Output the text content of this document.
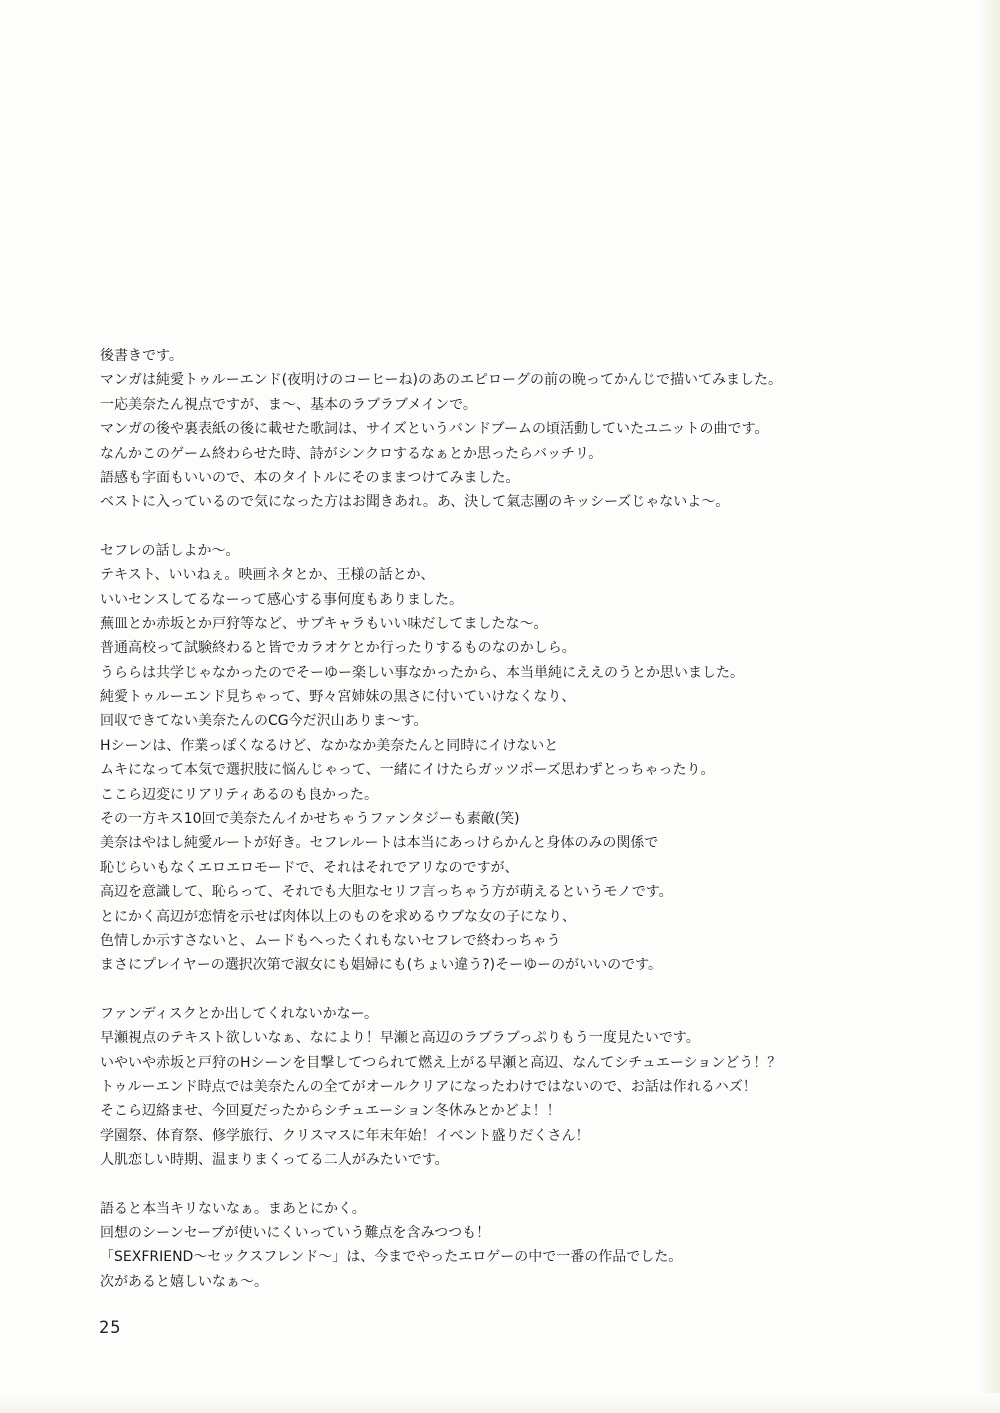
後書きです。
マンガは純愛トゥルーエンド(夜明けのコーヒーね)のあのエピローグの前の晩ってかんじで描いてみました。
一応美奈たん視点ですが、ま～、基本のラブラブメインで。
マンガの後や裏表紙の後に載せた歌詞は、サイズというバンドブームの頃活動していたユニットの曲です。
なんかこのゲーム終わらせた時、詩がシンクロするなぁとか思ったらバッチリ。
語感も字面もいいので、本のタイトルにそのままつけてみました。
ベストに入っているので気になった方はお聞きあれ。あ、決して氣志團のキッシーズじゃないよ～。
セフレの話しよか～。
テキスト、いいねぇ。映画ネタとか、王様の話とか、
いいセンスしてるなーって感心する事何度もありました。
蕪皿とか赤坂とか戸狩等など、サブキャラもいい味だしてましたな～。
普通高校って試験終わると皆でカラオケとか行ったりするものなのかしら。
うららは共学じゃなかったのでそーゆー楽しい事なかったから、本当単純にええのうとか思いました。
純愛トゥルーエンド見ちゃって、野々宮姉妹の黒さに付いていけなくなり、
回収できてない美奈たんのCG今だ沢山ありま～す。
Hシーンは、作業っぽくなるけど、なかなか美奈たんと同時にイけないと
ムキになって本気で選択肢に悩んじゃって、一緒にイけたらガッツポーズ思わずとっちゃったり。
ここら辺変にリアリティあるのも良かった。
その一方キス10回で美奈たんイかせちゃうファンタジーも素敵(笑)
美奈はやはし純愛ルートが好き。セフレルートは本当にあっけらかんと身体のみの関係で
恥じらいもなくエロエロモードで、それはそれでアリなのですが、
高辺を意識して、恥らって、それでも大胆なセリフ言っちゃう方が萌えるというモノです。
とにかく高辺が恋情を示せば肉体以上のものを求めるウブな女の子になり、
色情しか示すさないと、ムードもへったくれもないセフレで終わっちゃう
まさにプレイヤーの選択次第で淑女にも娼婦にも(ちょい違う?)そーゆーのがいいのです。
ファンディスクとか出してくれないかなー。
早瀬視点のテキスト欲しいなぁ、なにより！早瀬と高辺のラブラブっぷりもう一度見たいです。
いやいや赤坂と戸狩のHシーンを目撃してつられて燃え上がる早瀬と高辺、なんてシチュエーションどう！？
トゥルーエンド時点では美奈たんの全てがオールクリアになったわけではないので、お話は作れるハズ！
そこら辺絡ませ、今回夏だったからシチュエーション冬休みとかどよ！！
学園祭、体育祭、修学旅行、クリスマスに年末年始！イベント盛りだくさん！
人肌恋しい時期、温まりまくってる二人がみたいです。
語ると本当キリないなぁ。まあとにかく。
回想のシーンセーブが使いにくいっていう難点を含みつつも！
「SEXFRIEND～セックスフレンド～」は、今までやったエロゲーの中で一番の作品でした。
次があると嬉しいなぁ～。
25
